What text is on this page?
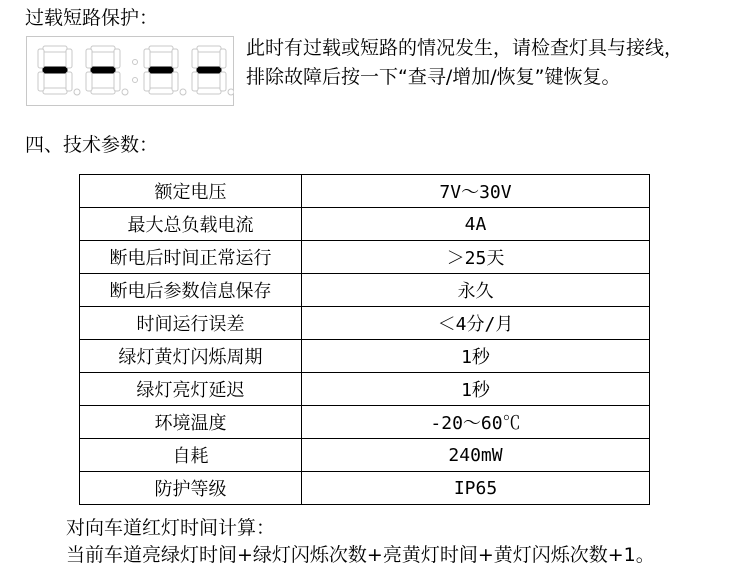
过载短路保护：
此时有过载或短路的情况发生，请检查灯具与接线，
排除故障后按一下“查寻/增加/恢复”键恢复。
四、技术参数：
额定电压	7V～30V
最大总负载电流	4A
断电后时间正常运行	＞25天
断电后参数信息保存	永久
时间运行误差	＜4分/月
绿灯黄灯闪烁周期	1秒
绿灯亮灯延迟	1秒
环境温度	-20～60℃
自耗	240mW
防护等级	IP65
对向车道红灯时间计算：
当前车道亮绿灯时间+绿灯闪烁次数+亮黄灯时间+黄灯闪烁次数+1。
